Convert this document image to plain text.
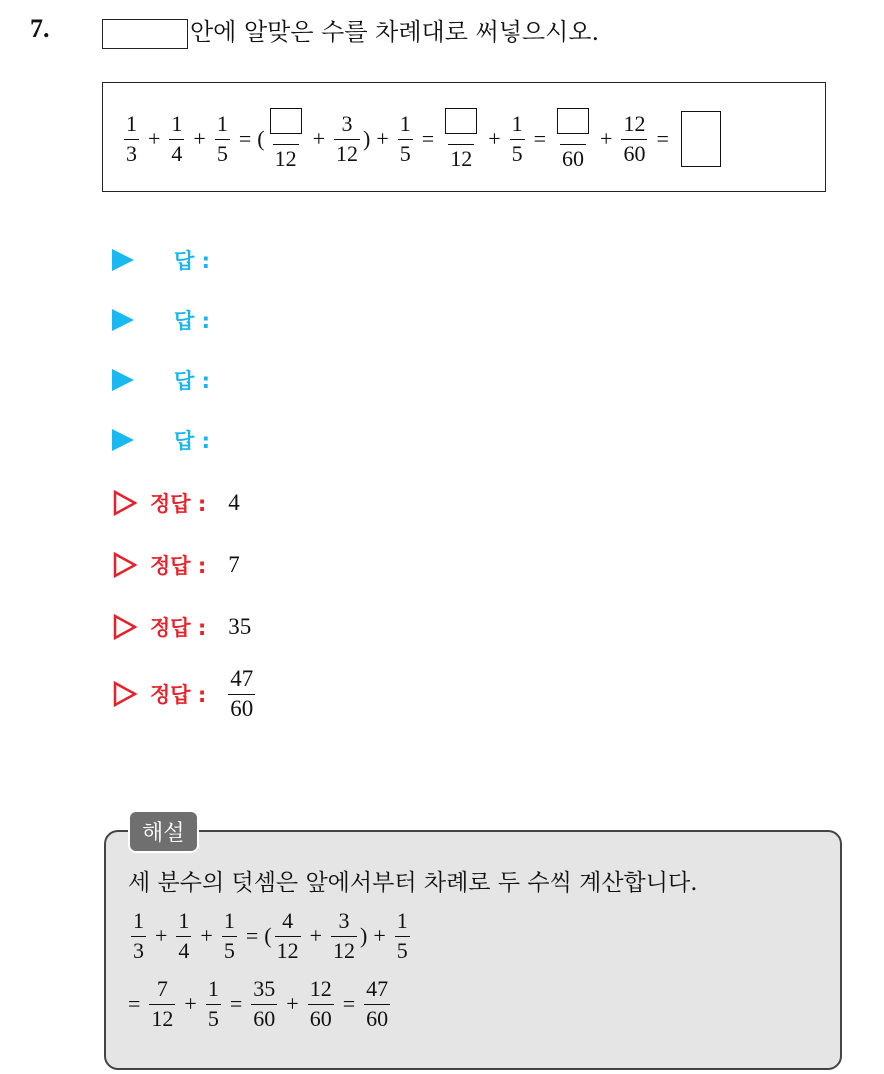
7.	안에 알맞은 수를 차례대로 써넣으시오.
$\frac{1}{3} + \frac{1}{4} + \frac{1}{5}$ = (
12
+ $\frac{3}{12}$ ) + $\frac{1}{5}$ =
12
+ $\frac{1}{5}$ =
60
+ $\frac{12}{60}$ =
답 :
답 :
답 :
답 :
정답 : 4
정답 : 7
정답 : 35
정답 : $\frac{47}{60}$
해설
세 분수의 덧셈은 앞에서부터 차례로 두 수씩 계산합니다.
$\frac{1}{3} + \frac{1}{4} + \frac{1}{5}$ = ( $\frac{4}{12} + \frac{3}{12}$ ) + $\frac{1}{5}$
= $\frac{7}{12} + \frac{1}{5} = \frac{35}{60} + \frac{12}{60} = \frac{47}{60}$
